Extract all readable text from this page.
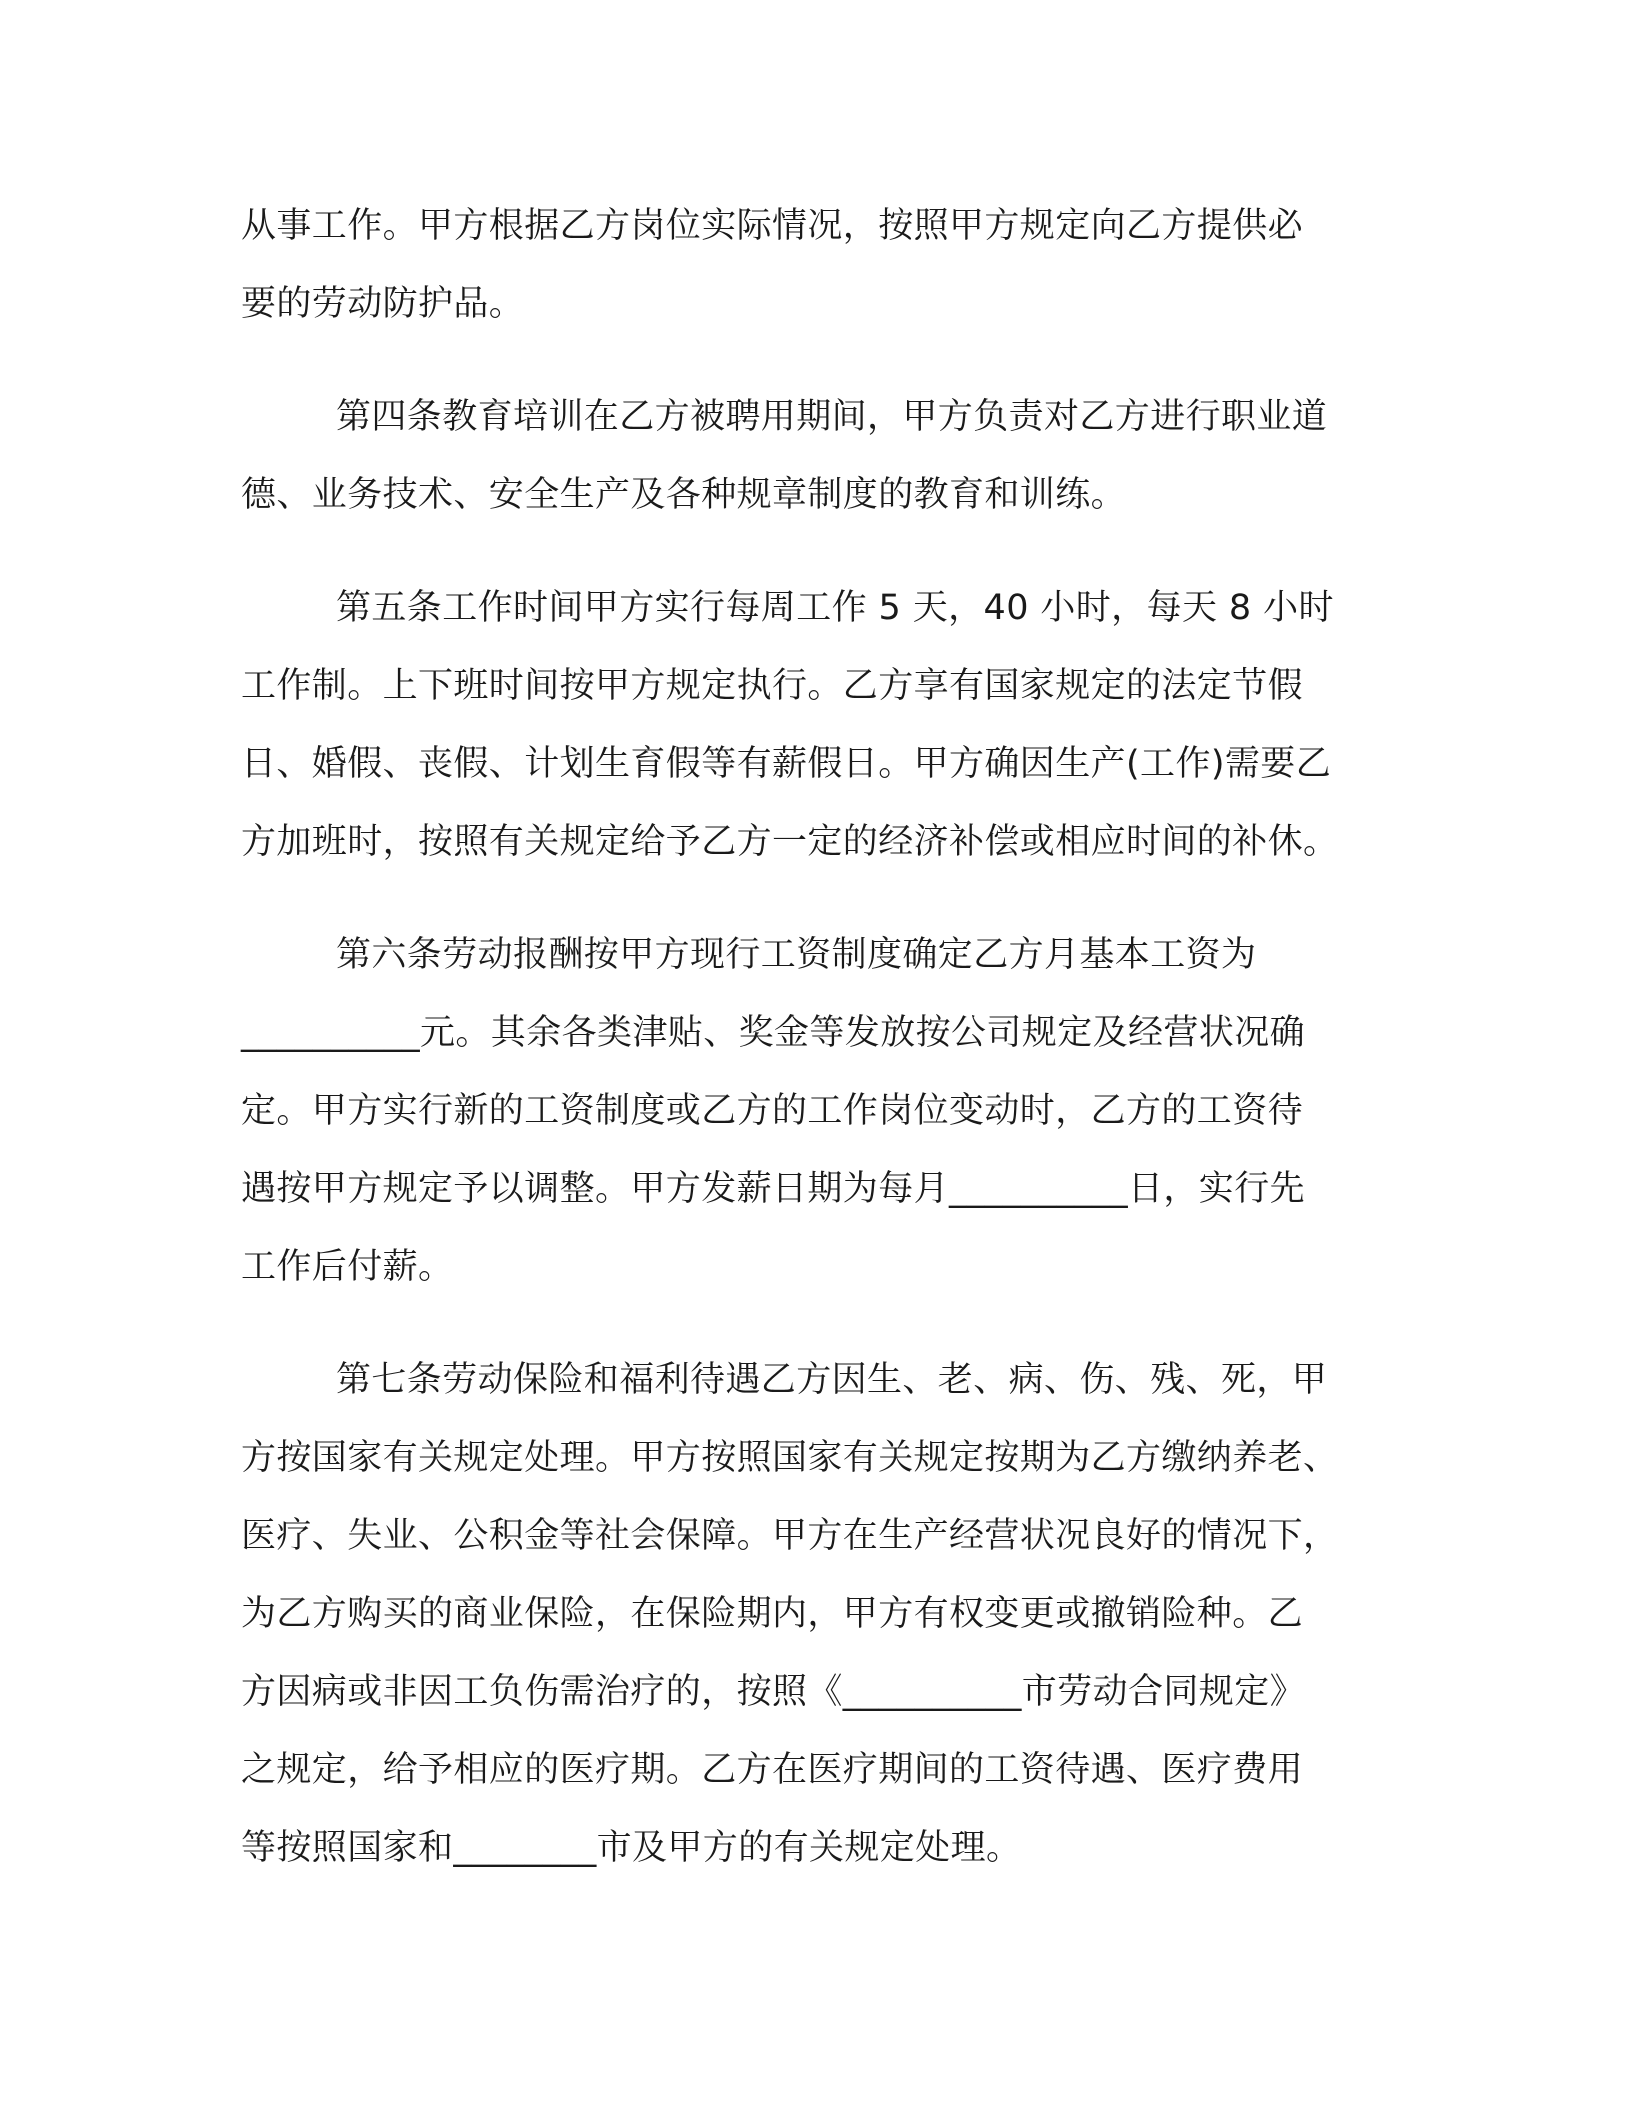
从事工作。甲方根据乙方岗位实际情况，按照甲方规定向乙方提供必
要的劳动防护品。

第四条教育培训在乙方被聘用期间，甲方负责对乙方进行职业道
德、业务技术、安全生产及各种规章制度的教育和训练。

第五条工作时间甲方实行每周工作 5 天，40 小时，每天 8 小时
工作制。上下班时间按甲方规定执行。乙方享有国家规定的法定节假
日、婚假、丧假、计划生育假等有薪假日。甲方确因生产(工作)需要乙
方加班时，按照有关规定给予乙方一定的经济补偿或相应时间的补休。

第六条劳动报酬按甲方现行工资制度确定乙方月基本工资为
__________元。其余各类津贴、奖金等发放按公司规定及经营状况确
定。甲方实行新的工资制度或乙方的工作岗位变动时，乙方的工资待
遇按甲方规定予以调整。甲方发薪日期为每月__________日，实行先
工作后付薪。

第七条劳动保险和福利待遇乙方因生、老、病、伤、残、死，甲
方按国家有关规定处理。甲方按照国家有关规定按期为乙方缴纳养老、
医疗、失业、公积金等社会保障。甲方在生产经营状况良好的情况下，
为乙方购买的商业保险，在保险期内，甲方有权变更或撤销险种。乙
方因病或非因工负伤需治疗的，按照《__________市劳动合同规定》
之规定，给予相应的医疗期。乙方在医疗期间的工资待遇、医疗费用
等按照国家和________市及甲方的有关规定处理。
